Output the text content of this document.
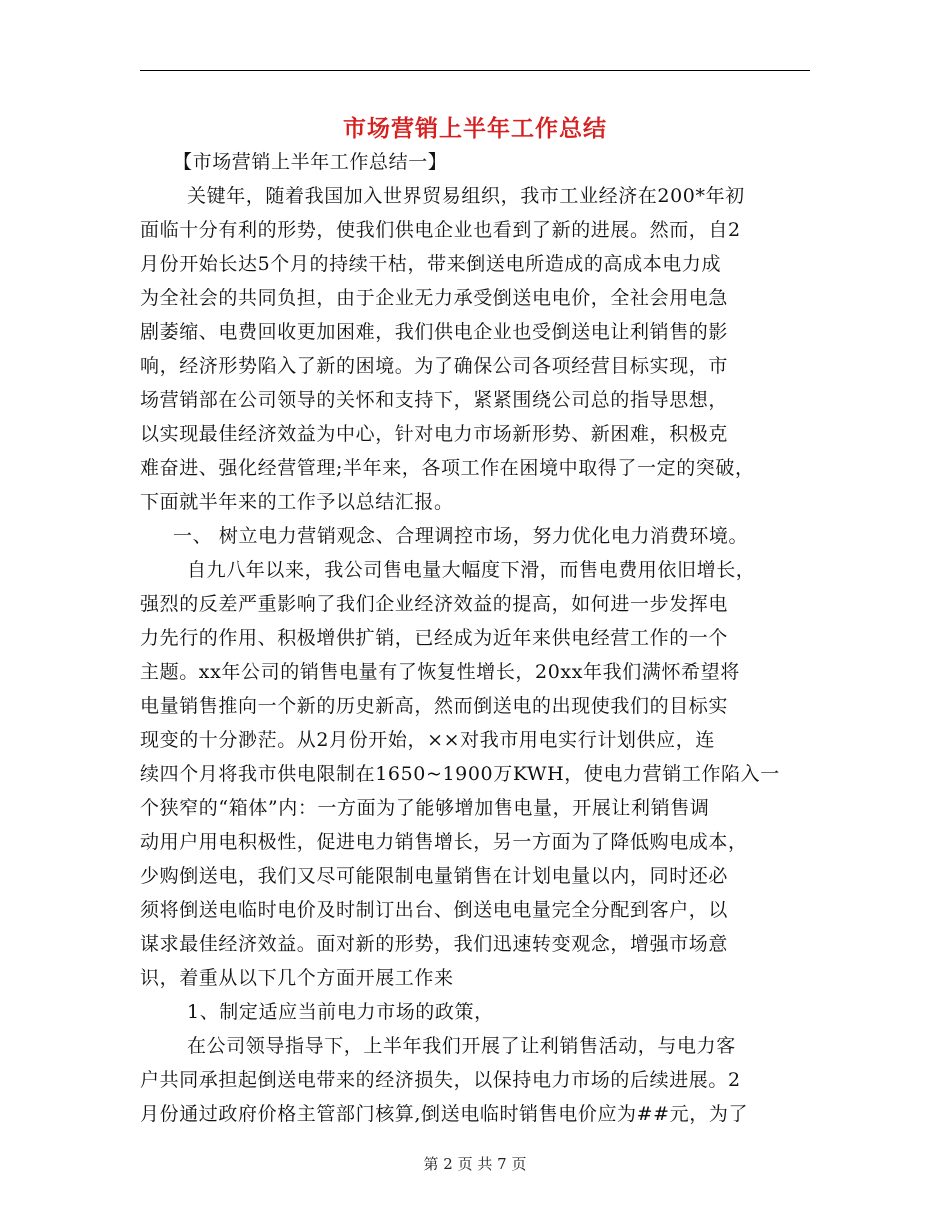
市场营销上半年工作总结
【市场营销上半年工作总结一】
关键年，随着我国加入世界贸易组织，我市工业经济在200*年初
面临十分有利的形势，使我们供电企业也看到了新的进展。然而，自2
月份开始长达5个月的持续干枯，带来倒送电所造成的高成本电力成
为全社会的共同负担，由于企业无力承受倒送电电价，全社会用电急
剧萎缩、电费回收更加困难，我们供电企业也受倒送电让利销售的影
响，经济形势陷入了新的困境。为了确保公司各项经营目标实现，市
场营销部在公司领导的关怀和支持下，紧紧围绕公司总的指导思想，
以实现最佳经济效益为中心，针对电力市场新形势、新困难，积极克
难奋进、强化经营管理;半年来，各项工作在困境中取得了一定的突破，
下面就半年来的工作予以总结汇报。
一、 树立电力营销观念、合理调控市场，努力优化电力消费环境。
自九八年以来，我公司售电量大幅度下滑，而售电费用依旧增长，
强烈的反差严重影响了我们企业经济效益的提高，如何进一步发挥电
力先行的作用、积极增供扩销，已经成为近年来供电经营工作的一个
主题。xx年公司的销售电量有了恢复性增长，20xx年我们满怀希望将
电量销售推向一个新的历史新高，然而倒送电的出现使我们的目标实
现变的十分渺茫。从2月份开始，××对我市用电实行计划供应，连
续四个月将我市供电限制在1650~1900万KWH，使电力营销工作陷入一
个狭窄的“箱体”内：一方面为了能够增加售电量，开展让利销售调
动用户用电积极性，促进电力销售增长，另一方面为了降低购电成本，
少购倒送电，我们又尽可能限制电量销售在计划电量以内，同时还必
须将倒送电临时电价及时制订出台、倒送电电量完全分配到客户，以
谋求最佳经济效益。面对新的形势，我们迅速转变观念，增强市场意
识，着重从以下几个方面开展工作来
1、制定适应当前电力市场的政策，
在公司领导指导下，上半年我们开展了让利销售活动，与电力客
户共同承担起倒送电带来的经济损失，以保持电力市场的后续进展。2
月份通过政府价格主管部门核算,倒送电临时销售电价应为##元，为了
第 2 页 共 7 页
